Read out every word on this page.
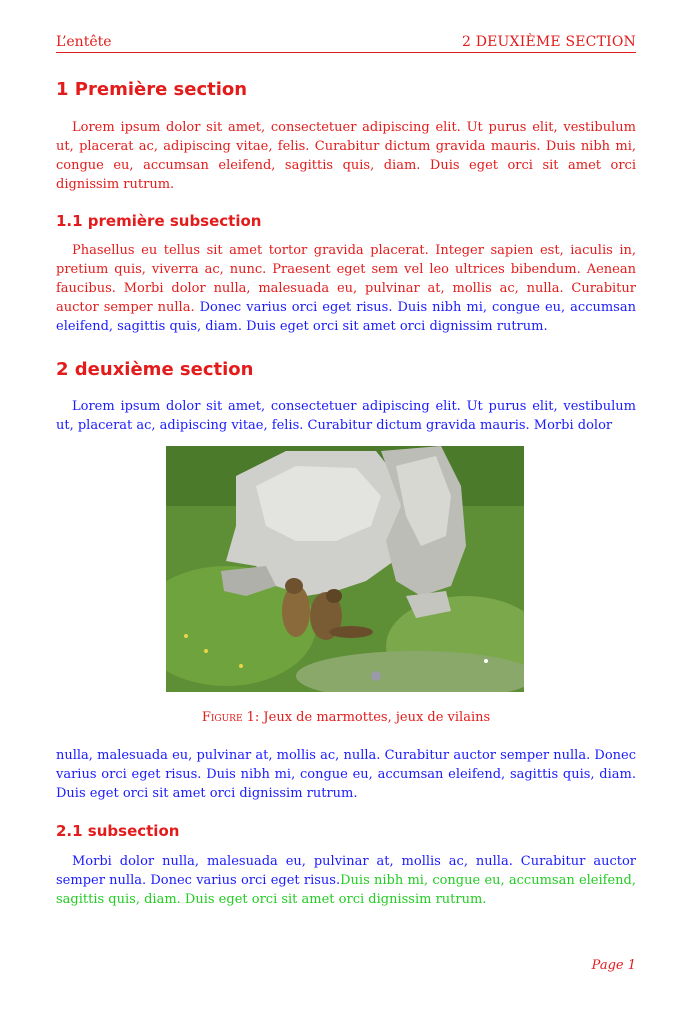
L’entête	2 DEUXIÈME SECTION
1 Première section

Lorem ipsum dolor sit amet, consectetuer adipiscing elit. Ut purus elit, vestibulum ut, placerat ac, adipiscing vitae, felis. Curabitur dictum gravida mauris. Duis nibh mi, congue eu, accumsan eleifend, sagittis quis, diam. Duis eget orci sit amet orci dignissim rutrum.

1.1 première subsection

Phasellus eu tellus sit amet tortor gravida placerat. Integer sapien est, iaculis in, pretium quis, viverra ac, nunc. Praesent eget sem vel leo ultrices bibendum. Aenean faucibus. Morbi dolor nulla, malesuada eu, pulvinar at, mollis ac, nulla. Curabitur auctor semper nulla. Donec varius orci eget risus. Duis nibh mi, congue eu, accumsan eleifend, sagittis quis, diam. Duis eget orci sit amet orci dignissim rutrum.

2 deuxième section

Lorem ipsum dolor sit amet, consectetuer adipiscing elit. Ut purus elit, vestibulum ut, placerat ac, adipiscing vitae, felis. Curabitur dictum gravida mauris. Morbi dolor

Figure 1: Jeux de marmottes, jeux de vilains

nulla, malesuada eu, pulvinar at, mollis ac, nulla. Curabitur auctor semper nulla. Donec varius orci eget risus. Duis nibh mi, congue eu, accumsan eleifend, sagittis quis, diam. Duis eget orci sit amet orci dignissim rutrum.

2.1 subsection

Morbi dolor nulla, malesuada eu, pulvinar at, mollis ac, nulla. Curabitur auctor semper nulla. Donec varius orci eget risus.Duis nibh mi, congue eu, accumsan eleifend, sagittis quis, diam. Duis eget orci sit amet orci dignissim rutrum.

Page 1
